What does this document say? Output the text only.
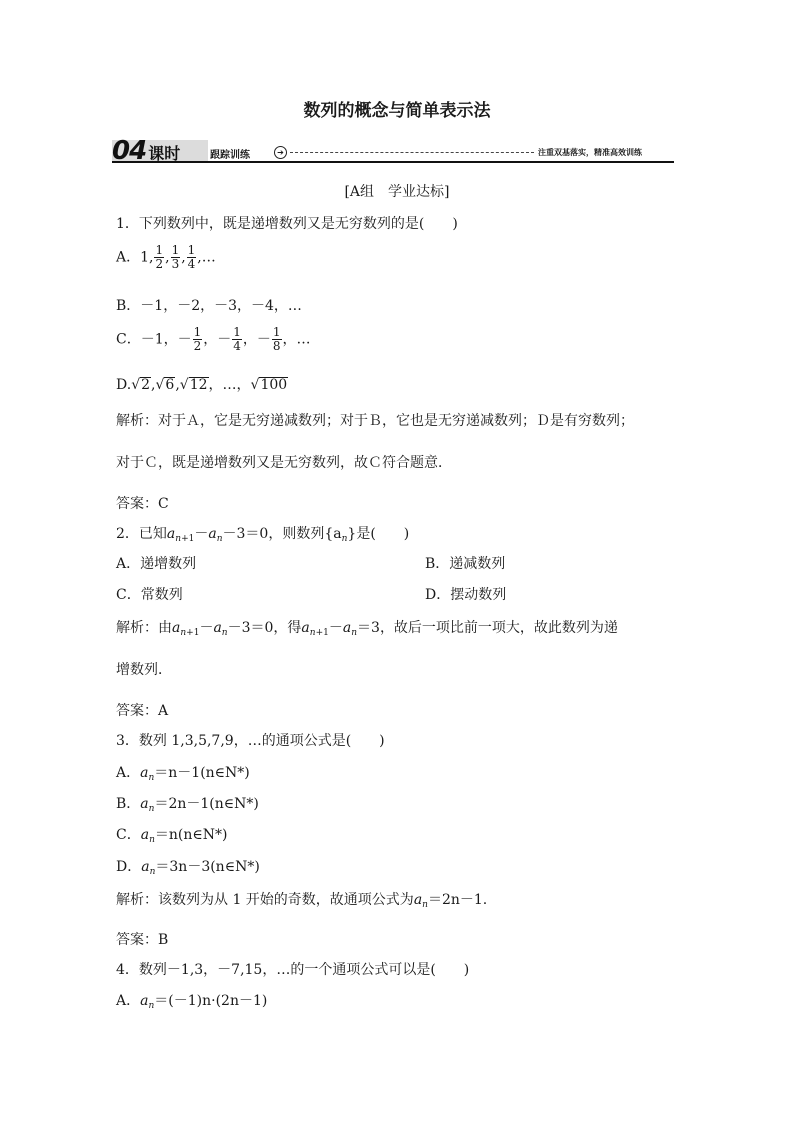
数列的概念与简单表示法
04 课时	跟踪训练	➔	注重双基落实，精准高效训练
[A组　学业达标]
1．下列数列中，既是递增数列又是无穷数列的是(　　)
A．1, $\frac{1}{2}$ , $\frac{1}{3}$ , $\frac{1}{4}$ ,…
B．－1，－2，－3，－4，…
C．－1，－ $\frac{1}{2}$ ，－ $\frac{1}{4}$ ，－ $\frac{1}{8}$ ，…
D.√2,√6,√12，…，√100
解析：对于Ａ，它是无穷递减数列；对于Ｂ，它也是无穷递减数列；Ｄ是有穷数列；
对于Ｃ，既是递增数列又是无穷数列，故Ｃ符合题意．
答案：C
2．已知$a_{n+1}-a_n-3=0$，则数列$\{a_n\}$是(　　)
A．递增数列	B．递减数列
C．常数列	D．摆动数列
解析：由$a_{n+1}-a_n-3=0$，得$a_{n+1}-a_n=3$，故后一项比前一项大，故此数列为递
增数列．
答案：A
3．数列 1,3,5,7,9，…的通项公式是(　　)
A．$a_n=n-1(n\in N*)$
B．$a_n=2n-1(n\in N*)$
C．$a_n=n(n\in N*)$
D．$a_n=3n-3(n\in N*)$
解析：该数列为从 1 开始的奇数，故通项公式为$a_n=2n-1$.
答案：B
4．数列－1,3，－7,15，…的一个通项公式可以是(　　)
A．$a_n=(-1)n\cdot(2n-1)$
